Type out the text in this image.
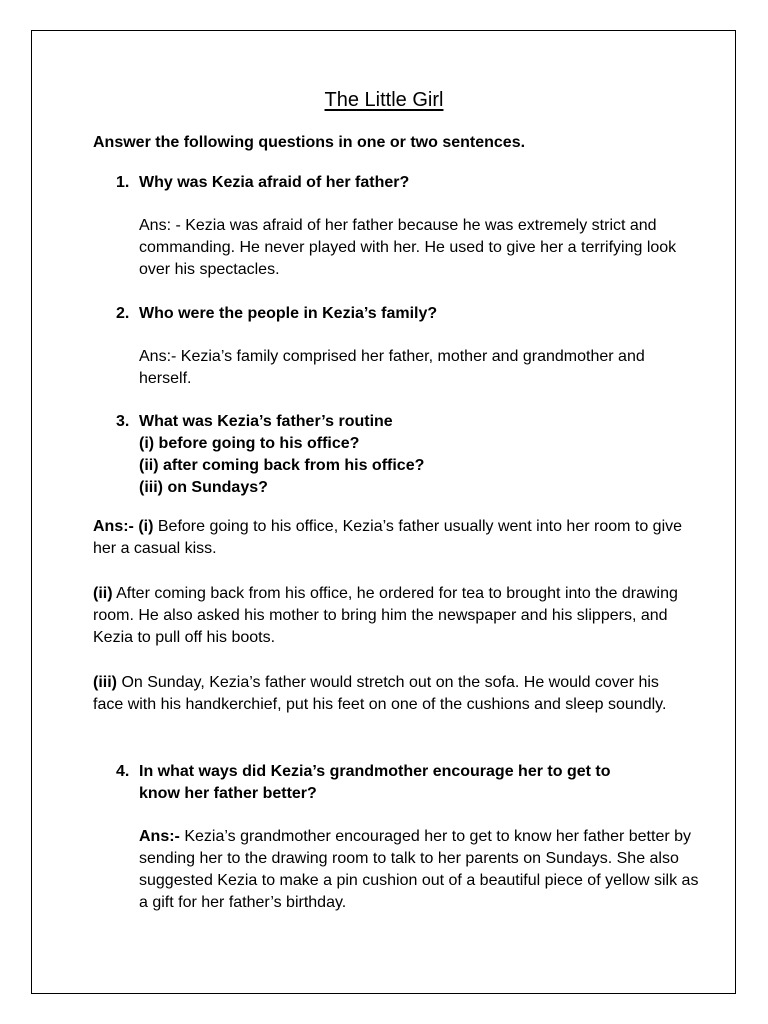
The Little Girl
Answer the following questions in one or two sentences.
1. Why was Kezia afraid of her father?
Ans: - Kezia was afraid of her father because he was extremely strict and commanding. He never played with her. He used to give her a terrifying look over his spectacles.
2. Who were the people in Kezia’s family?
Ans:- Kezia’s family comprised her father, mother and grandmother and herself.
3. What was Kezia’s father’s routine
(i) before going to his office?
(ii) after coming back from his office?
(iii) on Sundays?
Ans:- (i) Before going to his office, Kezia’s father usually went into her room to give her a casual kiss.
(ii) After coming back from his office, he ordered for tea to brought into the drawing room. He also asked his mother to bring him the newspaper and his slippers, and Kezia to pull off his boots.
(iii) On Sunday, Kezia’s father would stretch out on the sofa. He would cover his face with his handkerchief, put his feet on one of the cushions and sleep soundly.
4. In what ways did Kezia’s grandmother encourage her to get to
know her father better?
Ans:- Kezia’s grandmother encouraged her to get to know her father better by sending her to the drawing room to talk to her parents on Sundays. She also suggested Kezia to make a pin cushion out of a beautiful piece of yellow silk as a gift for her father’s birthday.
